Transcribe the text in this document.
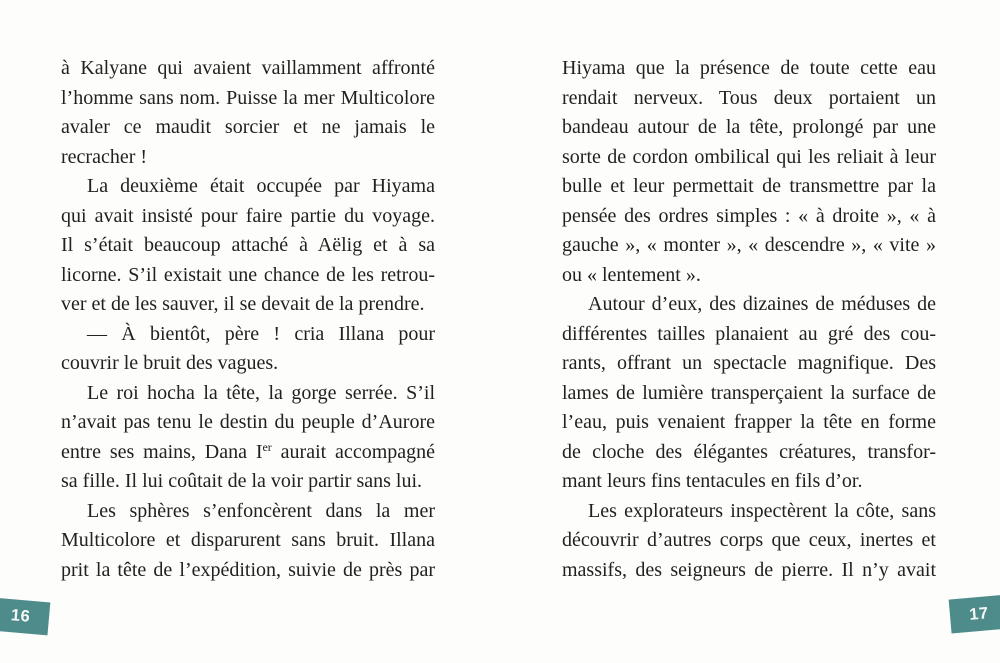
à Kalyane qui avaient vaillamment affronté
l’homme sans nom. Puisse la mer Multicolore
avaler ce maudit sorcier et ne jamais le
recracher !
La deuxième était occupée par Hiyama
qui avait insisté pour faire partie du voyage.
Il s’était beaucoup attaché à Aëlig et à sa
licorne. S’il existait une chance de les retrou-
ver et de les sauver, il se devait de la prendre.
— À bientôt, père ! cria Illana pour
couvrir le bruit des vagues.
Le roi hocha la tête, la gorge serrée. S’il
n’avait pas tenu le destin du peuple d’Aurore
entre ses mains, Dana Ier aurait accompagné
sa fille. Il lui coûtait de la voir partir sans lui.
Les sphères s’enfoncèrent dans la mer
Multicolore et disparurent sans bruit. Illana
prit la tête de l’expédition, suivie de près par
Hiyama que la présence de toute cette eau
rendait nerveux. Tous deux portaient un
bandeau autour de la tête, prolongé par une
sorte de cordon ombilical qui les reliait à leur
bulle et leur permettait de transmettre par la
pensée des ordres simples : « à droite », « à
gauche », « monter », « descendre », « vite »
ou « lentement ».
Autour d’eux, des dizaines de méduses de
différentes tailles planaient au gré des cou-
rants, offrant un spectacle magnifique. Des
lames de lumière transperçaient la surface de
l’eau, puis venaient frapper la tête en forme
de cloche des élégantes créatures, transfor-
mant leurs fins tentacules en fils d’or.
Les explorateurs inspectèrent la côte, sans
découvrir d’autres corps que ceux, inertes et
massifs, des seigneurs de pierre. Il n’y avait
16	17
